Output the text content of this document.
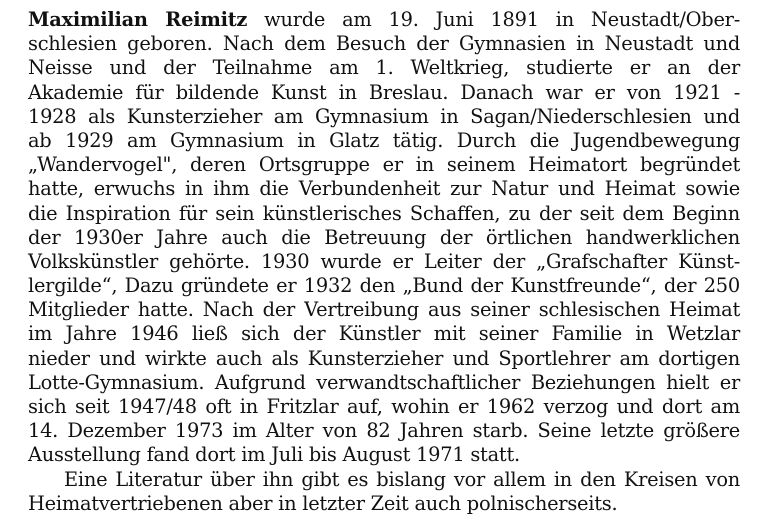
Maximilian Reimitz wurde am 19. Juni 1891 in Neustadt/Ober-
schlesien geboren. Nach dem Besuch der Gymnasien in Neustadt und
Neisse und der Teilnahme am 1. Weltkrieg, studierte er an der
Akademie für bildende Kunst in Breslau. Danach war er von 1921 -
1928 als Kunsterzieher am Gymnasium in Sagan/Niederschlesien und
ab 1929 am Gymnasium in Glatz tätig. Durch die Jugendbewegung
„Wandervogel", deren Ortsgruppe er in seinem Heimatort begründet
hatte, erwuchs in ihm die Verbundenheit zur Natur und Heimat sowie
die Inspiration für sein künstlerisches Schaffen, zu der seit dem Beginn
der 1930er Jahre auch die Betreuung der örtlichen handwerklichen
Volkskünstler gehörte. 1930 wurde er Leiter der „Grafschafter Künst-
lergilde“, Dazu gründete er 1932 den „Bund der Kunstfreunde“, der 250
Mitglieder hatte. Nach der Vertreibung aus seiner schlesischen Heimat
im Jahre 1946 ließ sich der Künstler mit seiner Familie in Wetzlar
nieder und wirkte auch als Kunsterzieher und Sportlehrer am dortigen
Lotte-Gymnasium. Aufgrund verwandtschaftlicher Beziehungen hielt er
sich seit 1947/48 oft in Fritzlar auf, wohin er 1962 verzog und dort am
14. Dezember 1973 im Alter von 82 Jahren starb. Seine letzte größere
Ausstellung fand dort im Juli bis August 1971 statt.
Eine Literatur über ihn gibt es bislang vor allem in den Kreisen von
Heimatvertriebenen aber in letzter Zeit auch polnischerseits.
